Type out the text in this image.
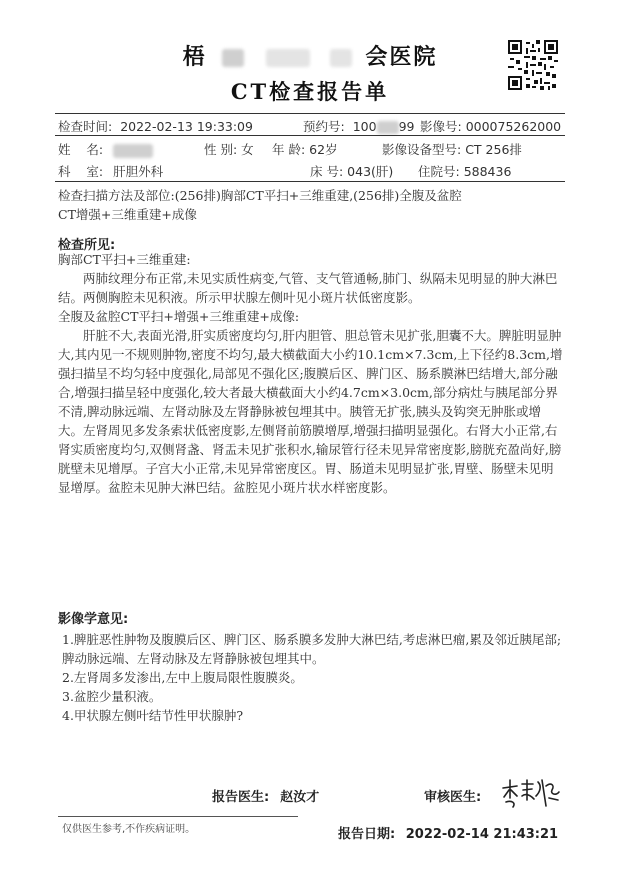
梧	会医院
CT检查报告单
检查时间: 2022-02-13 19:33:09	预约号: 100 99 影像号: 000075262000
姓    名:	性 别: 女 年 龄: 62岁	影像设备型号: CT 256排
科    室: 肝胆外科	床 号: 043(肝) 住院号: 588436

检查扫描方法及部位:(256排)胸部CT平扫+三维重建,(256排)全腹及盆腔

CT增强+三维重建+成像

检查所见:

胸部CT平扫+三维重建:

两肺纹理分布正常,未见实质性病变,气管、支气管通畅,肺门、纵隔未见明显的肿大淋巴结。两侧胸腔未见积液。所示甲状腺左侧叶见小斑片状低密度影。

全腹及盆腔CT平扫+增强+三维重建+成像:

肝脏不大,表面光滑,肝实质密度均匀,肝内胆管、胆总管未见扩张,胆囊不大。脾脏明显肿大,其内见一不规则肿物,密度不均匀,最大横截面大小约10.1cm×7.3cm,上下径约8.3cm,增强扫描呈不均匀轻中度强化,局部见不强化区;腹膜后区、脾门区、肠系膜淋巴结增大,部分融合,增强扫描呈轻中度强化,较大者最大横截面大小约4.7cm×3.0cm,部分病灶与胰尾部分界不清,脾动脉远端、左肾动脉及左肾静脉被包埋其中。胰管无扩张,胰头及钩突无肿胀或增大。左肾周见多发条索状低密度影,左侧肾前筋膜增厚,增强扫描明显强化。右肾大小正常,右肾实质密度均匀,双侧肾盏、肾盂未见扩张积水,输尿管行径未见异常密度影,膀胱充盈尚好,膀胱壁未见增厚。子宫大小正常,未见异常密度区。胃、肠道未见明显扩张,胃壁、肠壁未见明显增厚。盆腔未见肿大淋巴结。盆腔见小斑片状水样密度影。

影像学意见:
1.脾脏恶性肿物及腹膜后区、脾门区、肠系膜多发肿大淋巴结,考虑淋巴瘤,累及邻近胰尾部;脾动脉远端、左肾动脉及左肾静脉被包埋其中。
2.左肾周多发渗出,左中上腹局限性腹膜炎。
3.盆腔少量积液。
4.甲状腺左侧叶结节性甲状腺肿?
报告医生: 赵汝才	审核医生:
仅供医生参考,不作疾病证明。	报告日期: 2022-02-14 21:43:21
